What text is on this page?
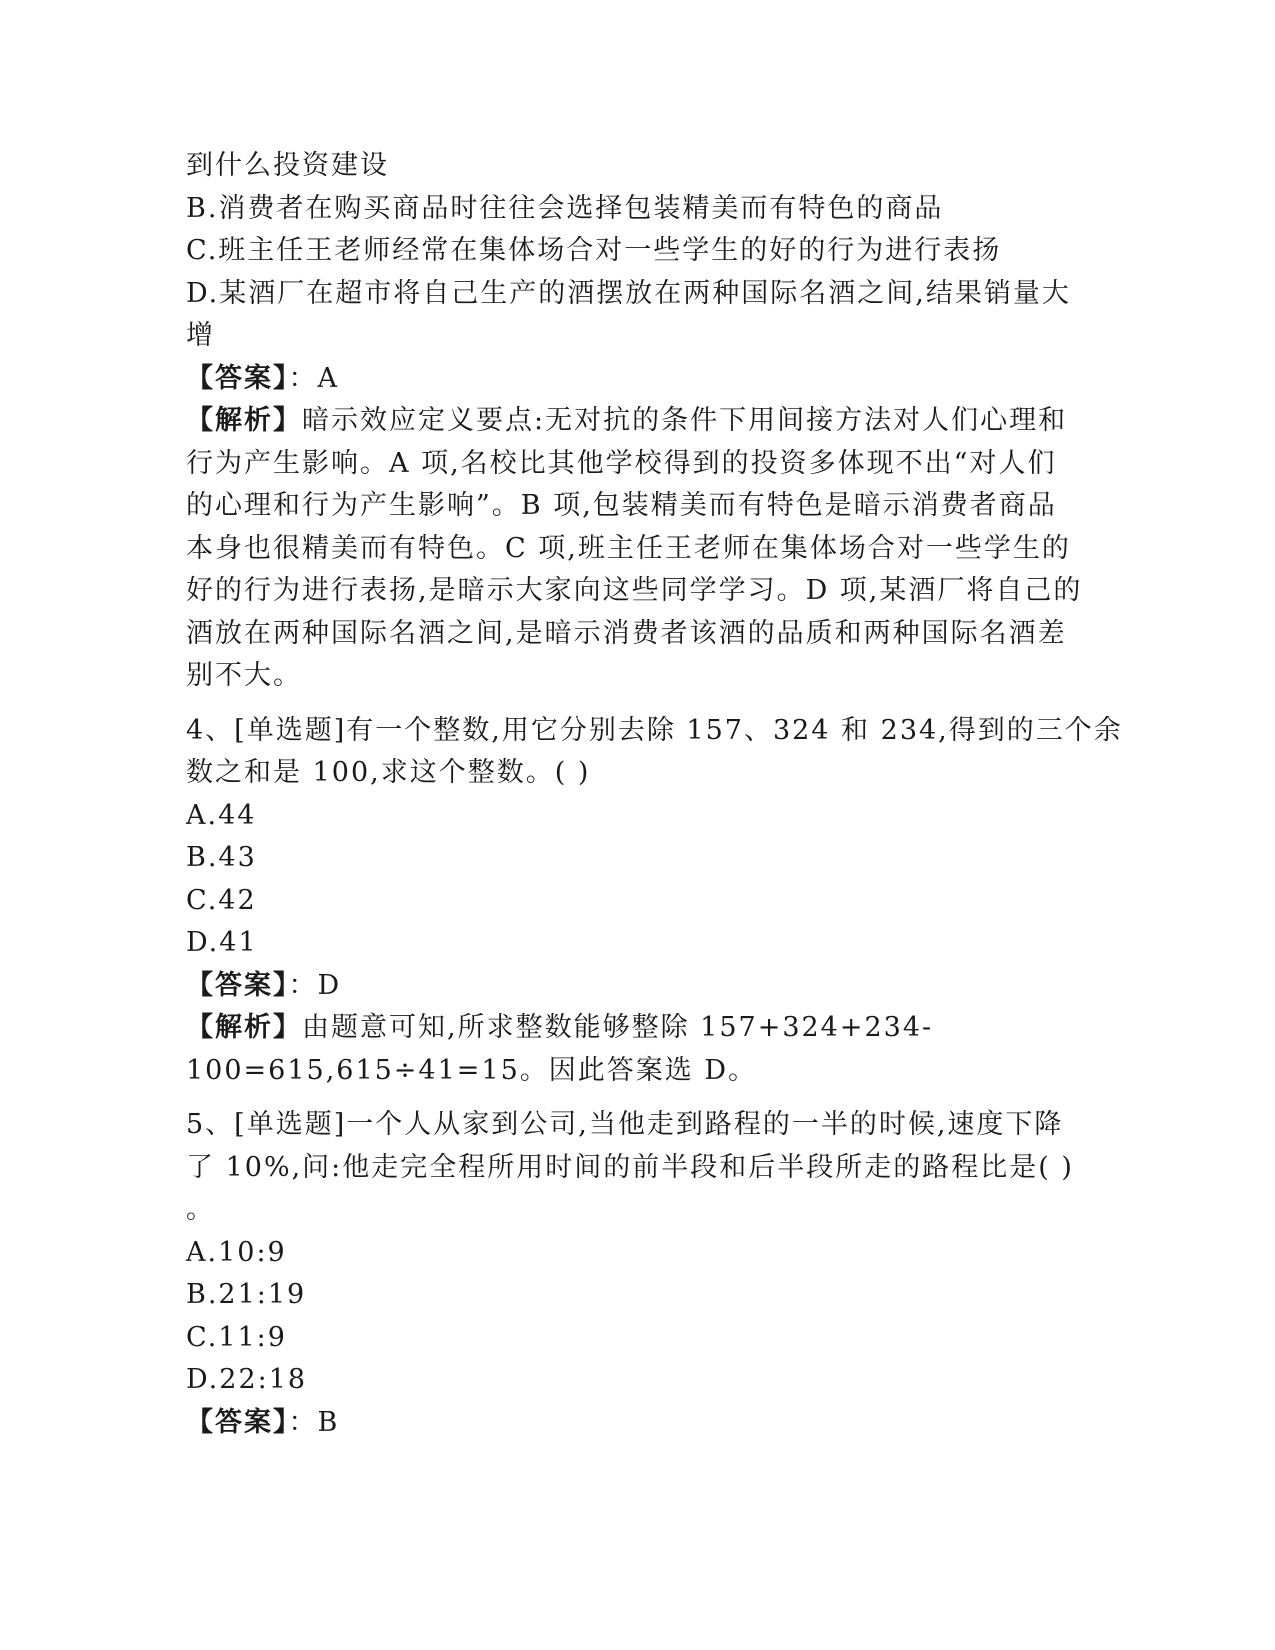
到什么投资建设
B.消费者在购买商品时往往会选择包装精美而有特色的商品
C.班主任王老师经常在集体场合对一些学生的好的行为进行表扬
D.某酒厂在超市将自己生产的酒摆放在两种国际名酒之间,结果销量大
增
【答案】：A
【解析】暗示效应定义要点:无对抗的条件下用间接方法对人们心理和
行为产生影响。A 项,名校比其他学校得到的投资多体现不出“对人们
的心理和行为产生影响”。B 项,包装精美而有特色是暗示消费者商品
本身也很精美而有特色。C 项,班主任王老师在集体场合对一些学生的
好的行为进行表扬,是暗示大家向这些同学学习。D 项,某酒厂将自己的
酒放在两种国际名酒之间,是暗示消费者该酒的品质和两种国际名酒差
别不大。
4、[单选题]有一个整数,用它分别去除 157、324 和 234,得到的三个余
数之和是 100,求这个整数。( )
A.44
B.43
C.42
D.41
【答案】：D
【解析】由题意可知,所求整数能够整除 157+324+234-
100=615,615÷41=15。因此答案选 D。
5、[单选题]一个人从家到公司,当他走到路程的一半的时候,速度下降
了 10%,问:他走完全程所用时间的前半段和后半段所走的路程比是( )
。
A.10:9
B.21:19
C.11:9
D.22:18
【答案】：B
